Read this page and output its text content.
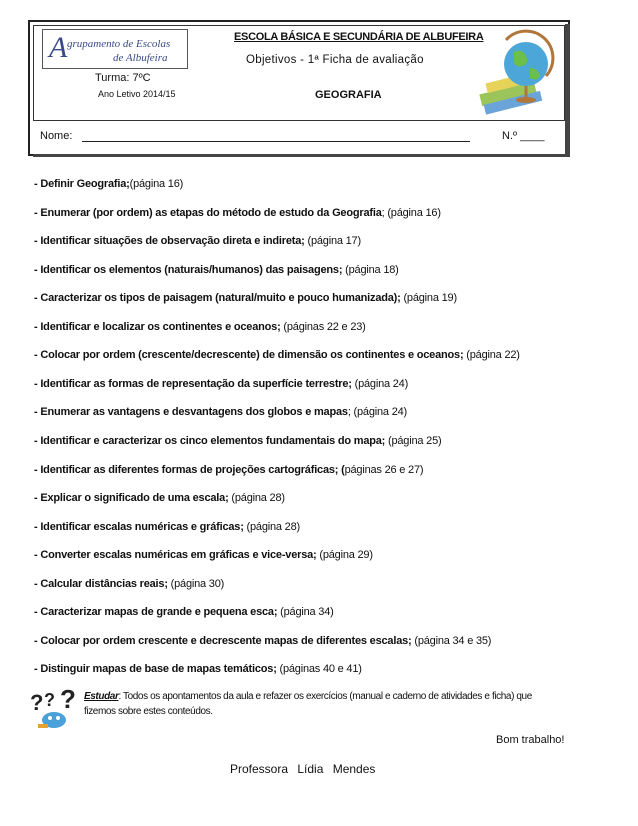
A grupamento de Escolas
de Albufeira
Turma: 7ºC
Ano Letivo 2014/15
ESCOLA BÁSICA E SECUNDÁRIA DE ALBUFEIRA
Objetivos - 1ª Ficha de avaliação
GEOGRAFIA
Nome:	N.º ____
- Definir Geografia;(página 16)
- Enumerar (por ordem) as etapas do método de estudo da Geografia; (página 16)
- Identificar situações de observação direta e indireta; (página 17)
- Identificar os elementos (naturais/humanos) das paisagens; (página 18)
- Caracterizar os tipos de paisagem (natural/muito e pouco humanizada); (página 19)
- Identificar e localizar os continentes e oceanos; (páginas 22 e 23)
- Colocar por ordem (crescente/decrescente) de dimensão os continentes e oceanos; (página 22)
- Identificar as formas de representação da superfície terrestre; (página 24)
- Enumerar as vantagens e desvantagens dos globos e mapas; (página 24)
- Identificar e caracterizar os cinco elementos fundamentais do mapa; (página 25)
- Identificar as diferentes formas de projeções cartográficas; (páginas 26 e 27)
- Explicar o significado de uma escala; (página 28)
- Identificar escalas numéricas e gráficas; (página 28)
- Converter escalas numéricas em gráficas e vice-versa; (página 29)
- Calcular distâncias reais; (página 30)
- Caracterizar mapas de grande e pequena esca; (página 34)
- Colocar por ordem crescente e decrescente mapas de diferentes escalas; (página 34 e 35)
- Distinguir mapas de base de mapas temáticos; (páginas 40 e 41)
? ? ? Estudar: Todos os apontamentos da aula e refazer os exercícios (manual e caderno de atividades e ficha) que fizemos sobre estes conteúdos.
Bom trabalho!
Professora Lídia Mendes
